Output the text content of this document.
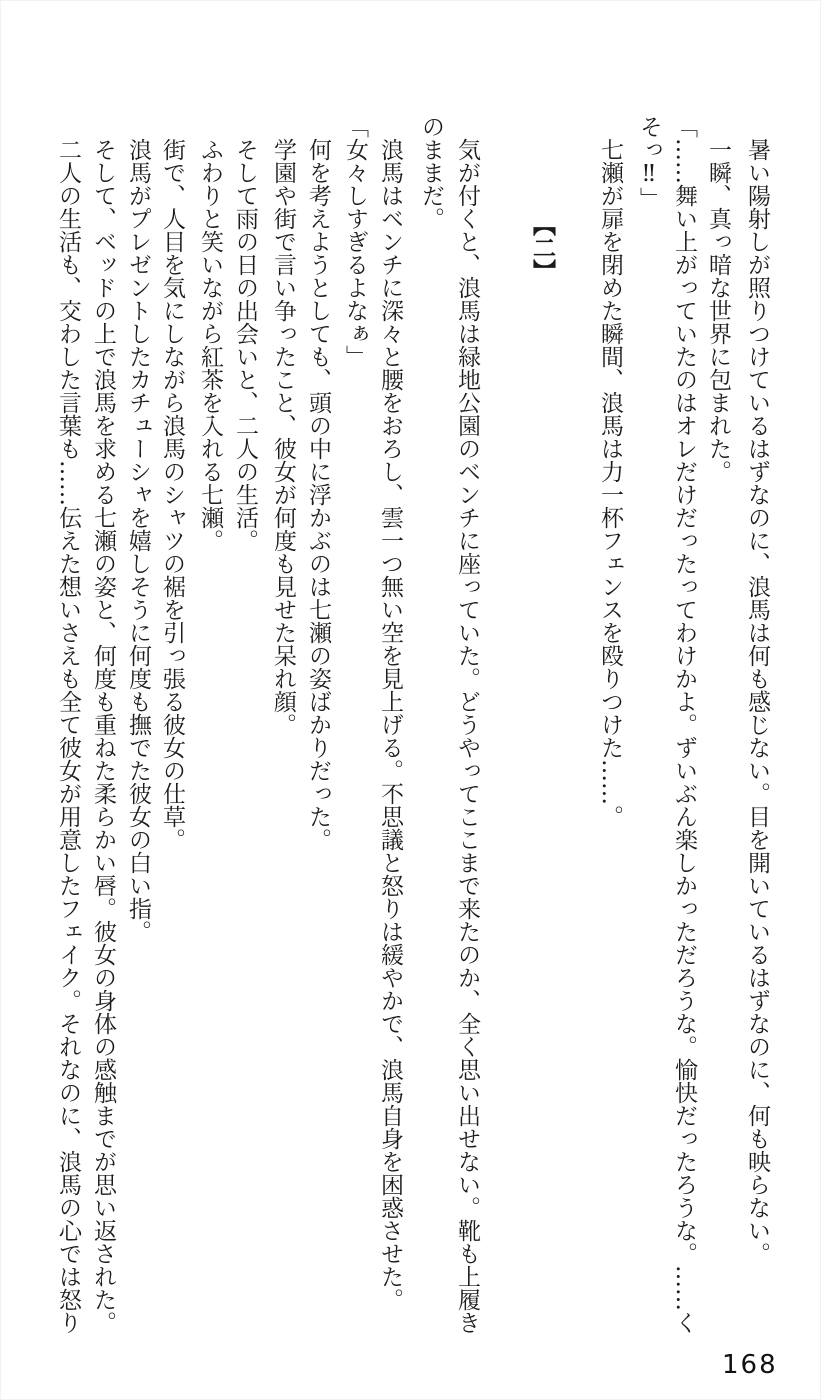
暑い陽射しが照りつけているはずなのに、浪馬は何も感じない。目を開いているはずなのに、何も映らない。
一瞬、真っ暗な世界に包まれた。
「……舞い上がっていたのはオレだけだったってわけかよ。ずいぶん楽しかっただろうな。愉快だったろうな。……く
そっ‼」
七瀬が扉を閉めた瞬間、浪馬は力一杯フェンスを殴りつけた……。
【二】
気が付くと、浪馬は緑地公園のベンチに座っていた。どうやってここまで来たのか、全く思い出せない。靴も上履き
のままだ。
浪馬はベンチに深々と腰をおろし、雲一つ無い空を見上げる。不思議と怒りは緩やかで、浪馬自身を困惑させた。
「女々しすぎるよなぁ」
何を考えようとしても、頭の中に浮かぶのは七瀬の姿ばかりだった。
学園や街で言い争ったこと、彼女が何度も見せた呆れ顔。
そして雨の日の出会いと、二人の生活。
ふわりと笑いながら紅茶を入れる七瀬。
街で、人目を気にしながら浪馬のシャツの裾を引っ張る彼女の仕草。
浪馬がプレゼントしたカチューシャを嬉しそうに何度も撫でた彼女の白い指。
そして、ベッドの上で浪馬を求める七瀬の姿と、何度も重ねた柔らかい唇。彼女の身体の感触までが思い返された。
二人の生活も、交わした言葉も……伝えた想いさえも全て彼女が用意したフェイク。それなのに、浪馬の心では怒り
168
